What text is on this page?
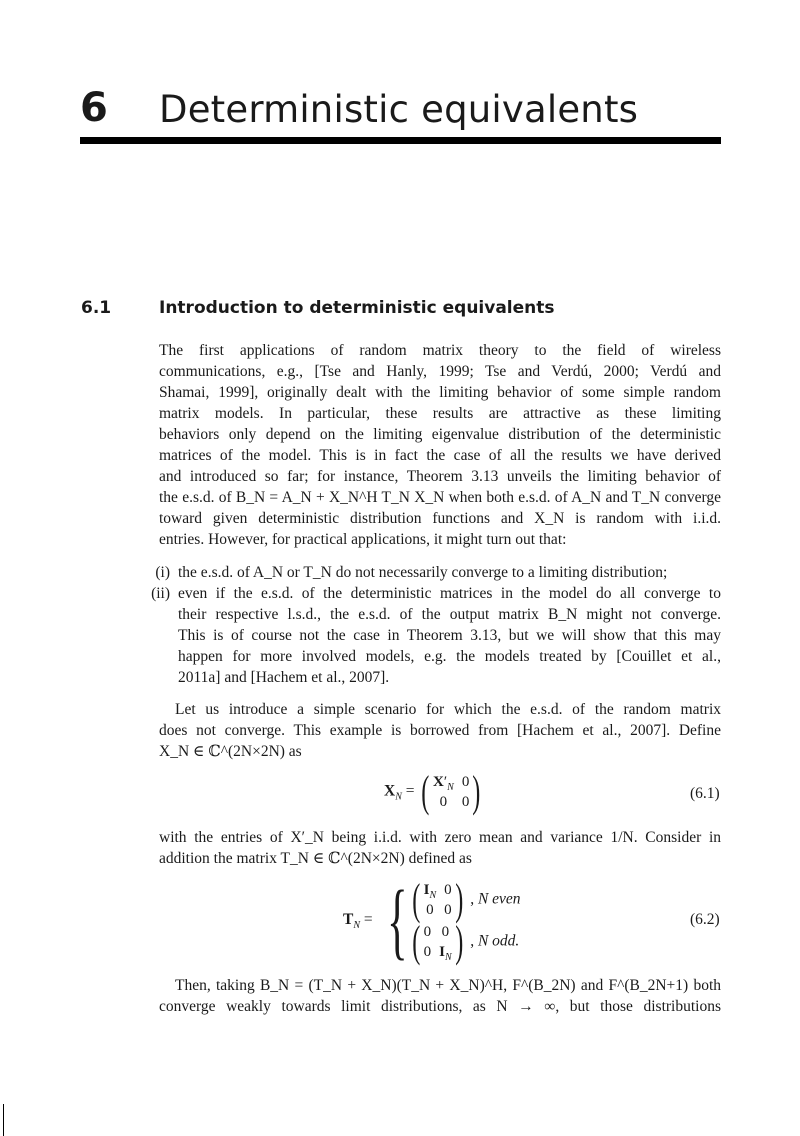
6 Deterministic equivalents
6.1	Introduction to deterministic equivalents
The first applications of random matrix theory to the field of wireless
communications, e.g., [Tse and Hanly, 1999; Tse and Verdú, 2000; Verdú and
Shamai, 1999], originally dealt with the limiting behavior of some simple random
matrix models. In particular, these results are attractive as these limiting
behaviors only depend on the limiting eigenvalue distribution of the deterministic
matrices of the model. This is in fact the case of all the results we have derived
and introduced so far; for instance, Theorem 3.13 unveils the limiting behavior of
the e.s.d. of B_N = A_N + X_N^H T_N X_N when both e.s.d. of A_N and T_N converge
toward given deterministic distribution functions and X_N is random with i.i.d.
entries. However, for practical applications, it might turn out that:
(i) the e.s.d. of A_N or T_N do not necessarily converge to a limiting distribution;
(ii) even if the e.s.d. of the deterministic matrices in the model do all converge to
their respective l.s.d., the e.s.d. of the output matrix B_N might not converge.
This is of course not the case in Theorem 3.13, but we will show that this may
happen for more involved models, e.g. the models treated by [Couillet et al.,
2011a] and [Hachem et al., 2007].
Let us introduce a simple scenario for which the e.s.d. of the random matrix
does not converge. This example is borrowed from [Hachem et al., 2007]. Define
X_N ∈ ℂ^(2N×2N) as
$X_N$ = ( $X'_N$ 0
0 0 )	(6.1)
with the entries of X′_N being i.i.d. with zero mean and variance 1/N. Consider in
addition the matrix T_N ∈ ℂ^(2N×2N) defined as
$T_N$ = { ( $I_N$ 0
0 0 ) , N even
( 0 0
0 $I_N$ ) , N odd.
(6.2)
Then, taking B_N = (T_N + X_N)(T_N + X_N)^H, F^(B_2N) and F^(B_2N+1) both
converge weakly towards limit distributions, as N → ∞, but those distributions
